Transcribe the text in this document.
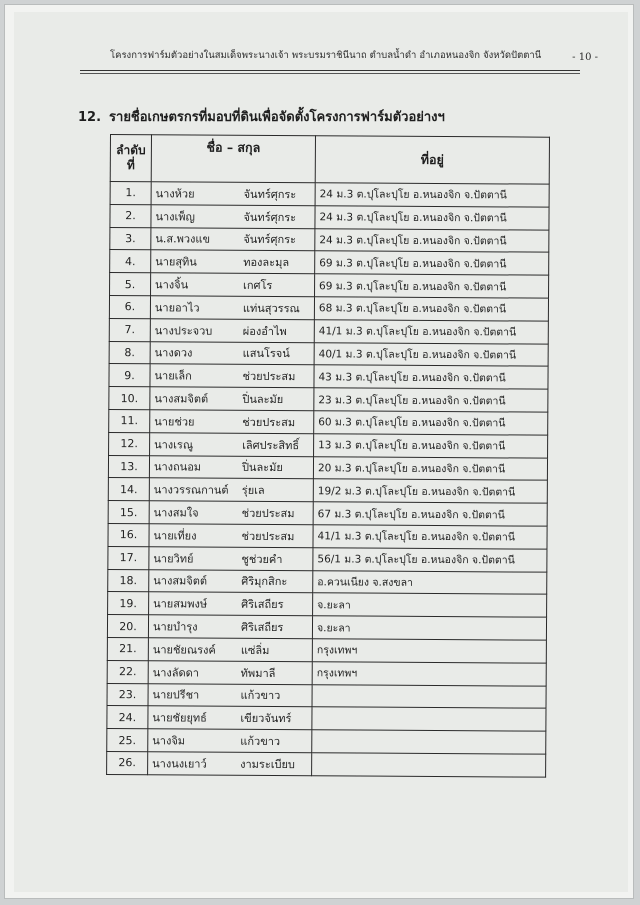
โครงการฟาร์มตัวอย่างในสมเด็จพระนางเจ้า พระบรมราชินีนาถ ตำบลน้ำดำ อำเภอหนองจิก จังหวัดปัตตานี	- 10 -
12. รายชื่อเกษตรกรที่มอบที่ดินเพื่อจัดตั้งโครงการฟาร์มตัวอย่างฯ
ลำดับ
ที่	ชื่อ – สกุล	ที่อยู่
1.	นางห้วย จันทร์ศุกระ	24 ม.3 ต.ปุโละปุโย อ.หนองจิก จ.ปัตตานี
2.	นางเพ็ญ จันทร์ศุกระ	24 ม.3 ต.ปุโละปุโย อ.หนองจิก จ.ปัตตานี
3.	น.ส.พวงแข จันทร์ศุกระ	24 ม.3 ต.ปุโละปุโย อ.หนองจิก จ.ปัตตานี
4.	นายสุทิน ทองละมุล	69 ม.3 ต.ปุโละปุโย อ.หนองจิก จ.ปัตตานี
5.	นางจิ้น เกศโร	69 ม.3 ต.ปุโละปุโย อ.หนองจิก จ.ปัตตานี
6.	นายอาไว แท่นสุวรรณ	68 ม.3 ต.ปุโละปุโย อ.หนองจิก จ.ปัตตานี
7.	นางประจวบ ผ่องอำไพ	41/1 ม.3 ต.ปุโละปุโย อ.หนองจิก จ.ปัตตานี
8.	นางดวง แสนโรจน์	40/1 ม.3 ต.ปุโละปุโย อ.หนองจิก จ.ปัตตานี
9.	นายเล็ก ช่วยประสม	43 ม.3 ต.ปุโละปุโย อ.หนองจิก จ.ปัตตานี
10.	นางสมจิตต์ ปิ่นละมัย	23 ม.3 ต.ปุโละปุโย อ.หนองจิก จ.ปัตตานี
11.	นายช่วย ช่วยประสม	60 ม.3 ต.ปุโละปุโย อ.หนองจิก จ.ปัตตานี
12.	นางเรณู เลิศประสิทธิ์	13 ม.3 ต.ปุโละปุโย อ.หนองจิก จ.ปัตตานี
13.	นางถนอม ปิ่นละมัย	20 ม.3 ต.ปุโละปุโย อ.หนองจิก จ.ปัตตานี
14.	นางวรรณกานต์ รุ่ยเล	19/2 ม.3 ต.ปุโละปุโย อ.หนองจิก จ.ปัตตานี
15.	นางสมใจ ช่วยประสม	67 ม.3 ต.ปุโละปุโย อ.หนองจิก จ.ปัตตานี
16.	นายเที่ยง ช่วยประสม	41/1 ม.3 ต.ปุโละปุโย อ.หนองจิก จ.ปัตตานี
17.	นายวิทย์ ชูช่วยคำ	56/1 ม.3 ต.ปุโละปุโย อ.หนองจิก จ.ปัตตานี
18.	นางสมจิตต์ ศิริมุกสิกะ	อ.ควนเนียง จ.สงขลา
19.	นายสมพงษ์ ศิริเสถียร	จ.ยะลา
20.	นายบำรุง ศิริเสถียร	จ.ยะลา
21.	นายชัยณรงค์ แซ่ลิ่ม	กรุงเทพฯ
22.	นางลัดดา ทัพมาลี	กรุงเทพฯ
23.	นายปรีชา แก้วขาว	
24.	นายชัยยุทธ์ เขียวจันทร์	
25.	นางจิม แก้วขาว	
26.	นางนงเยาว์ งามระเบียบ	
